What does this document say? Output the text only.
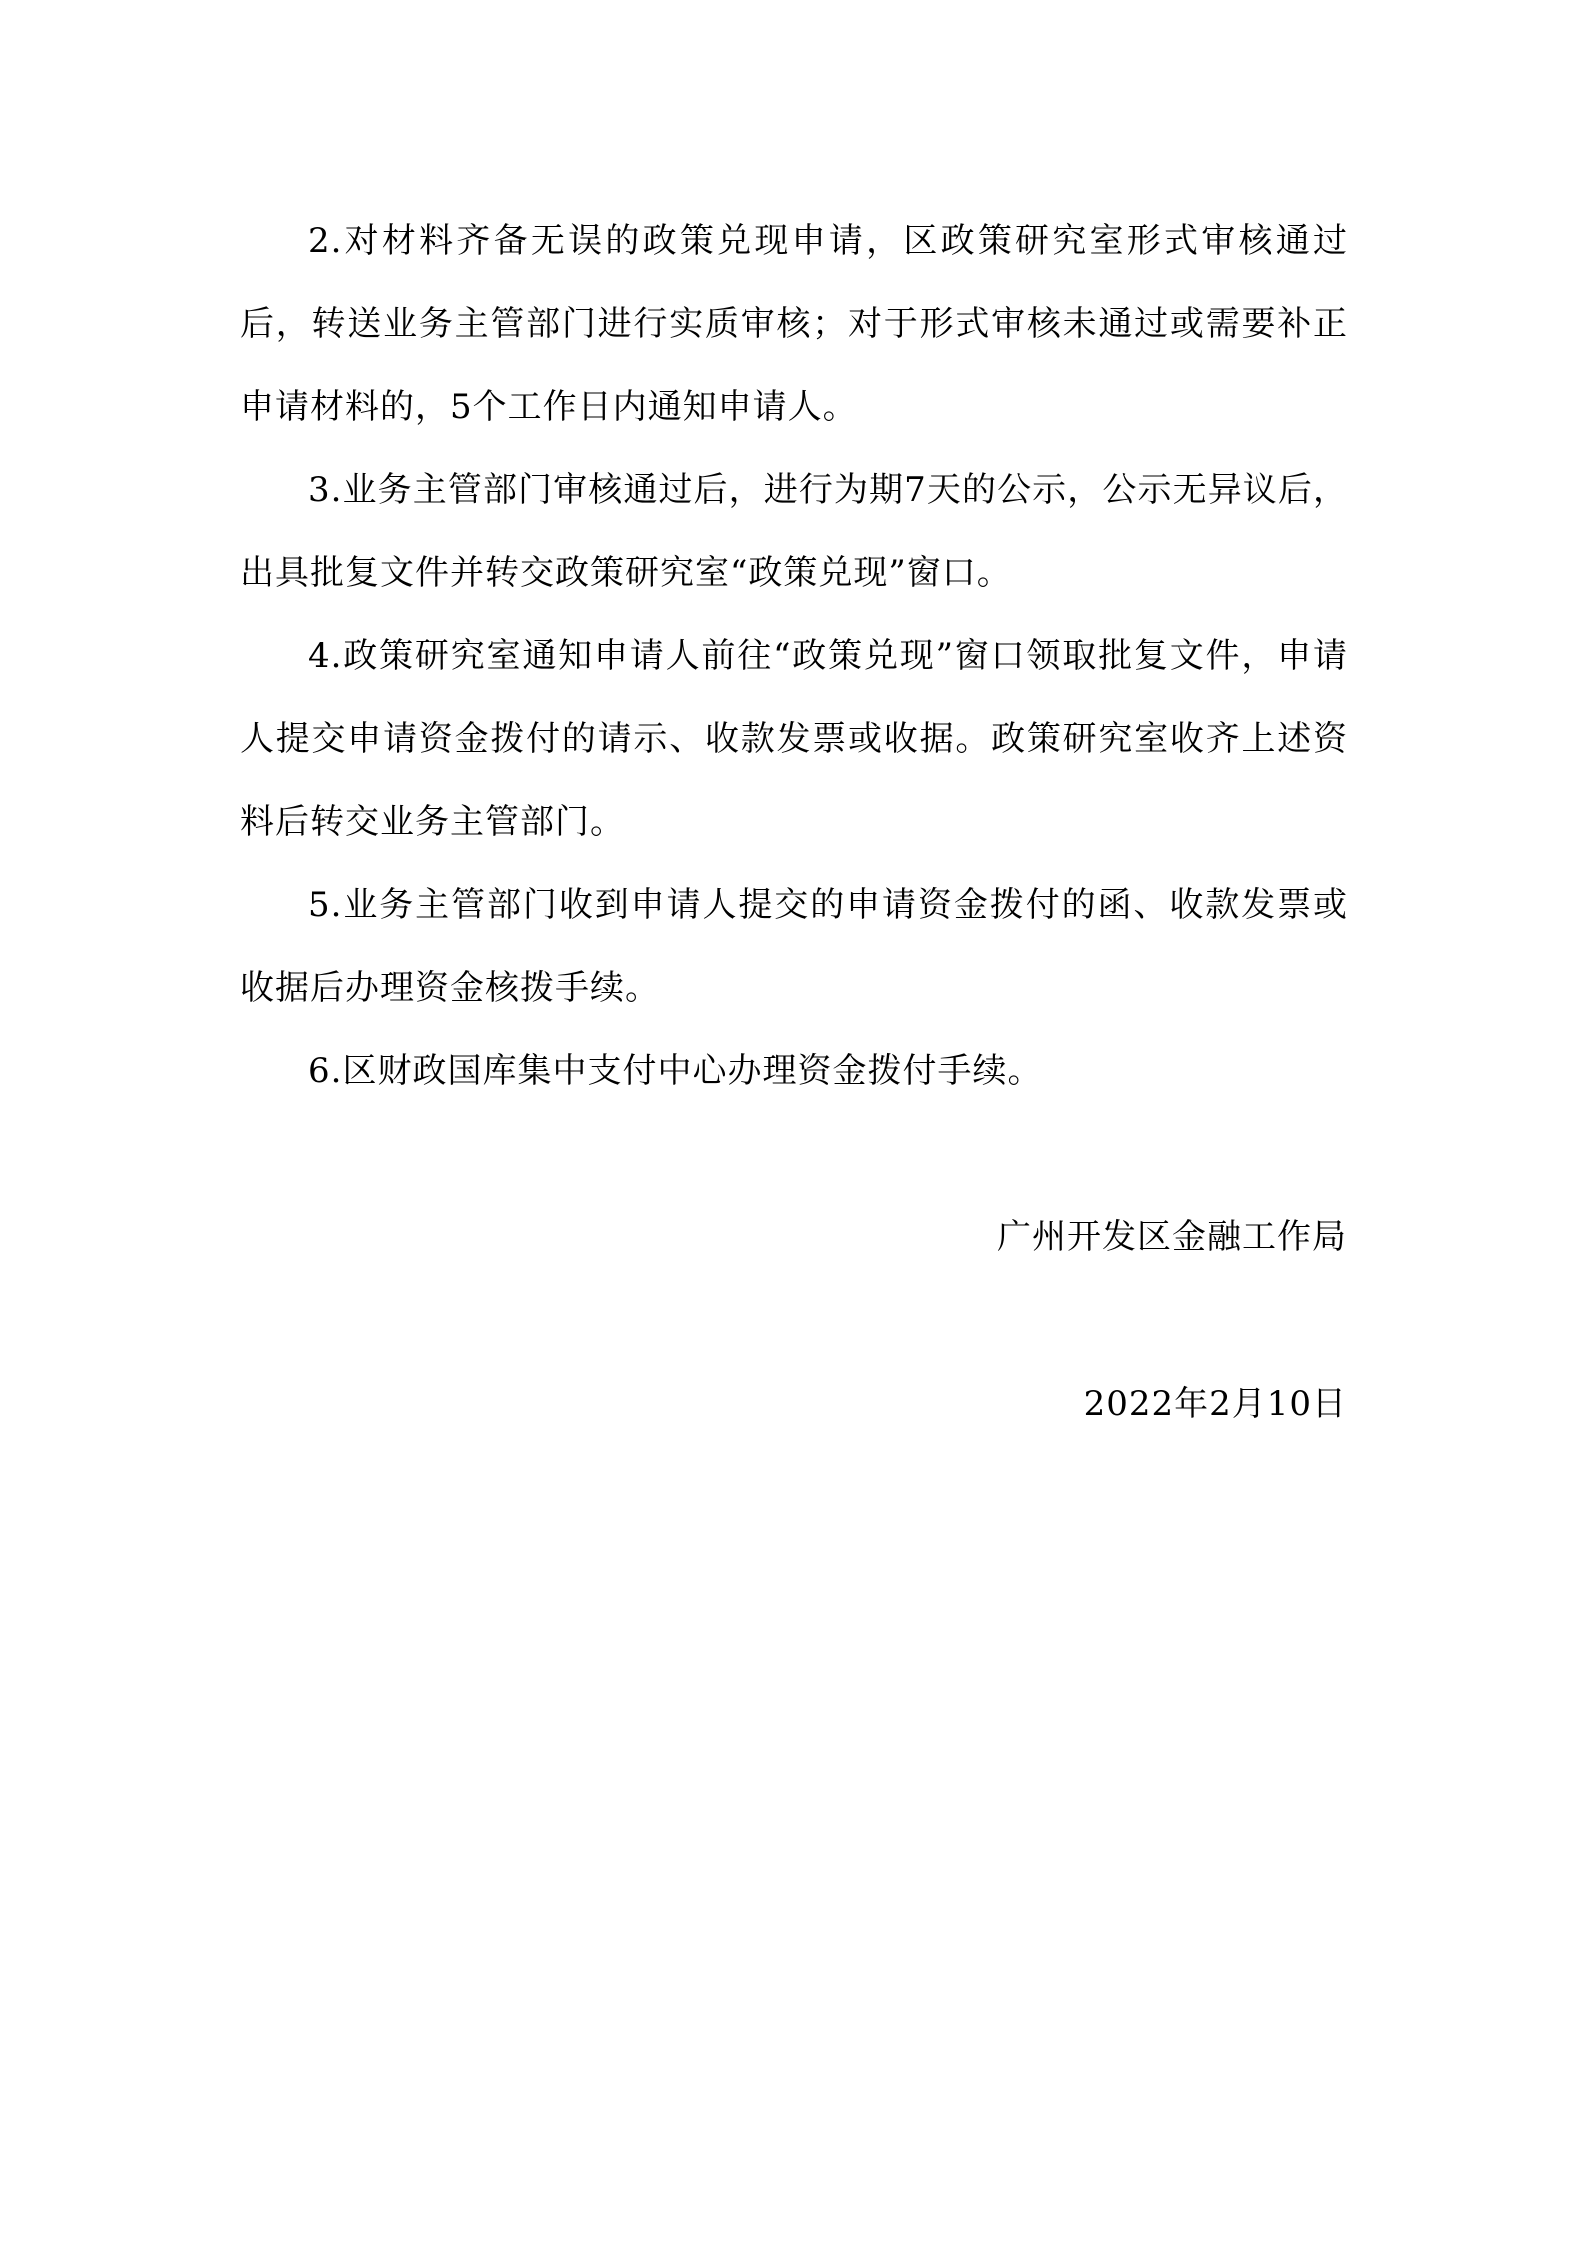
2.对材料齐备无误的政策兑现申请，区政策研究室形式审核通过后，转送业务主管部门进行实质审核；对于形式审核未通过或需要补正申请材料的，5个工作日内通知申请人。

3.业务主管部门审核通过后，进行为期7天的公示，公示无异议后，出具批复文件并转交政策研究室“政策兑现”窗口。

4.政策研究室通知申请人前往“政策兑现”窗口领取批复文件，申请人提交申请资金拨付的请示、收款发票或收据。政策研究室收齐上述资料后转交业务主管部门。

5.业务主管部门收到申请人提交的申请资金拨付的函、收款发票或收据后办理资金核拨手续。

6.区财政国库集中支付中心办理资金拨付手续。

广州开发区金融工作局

2022年2月10日
